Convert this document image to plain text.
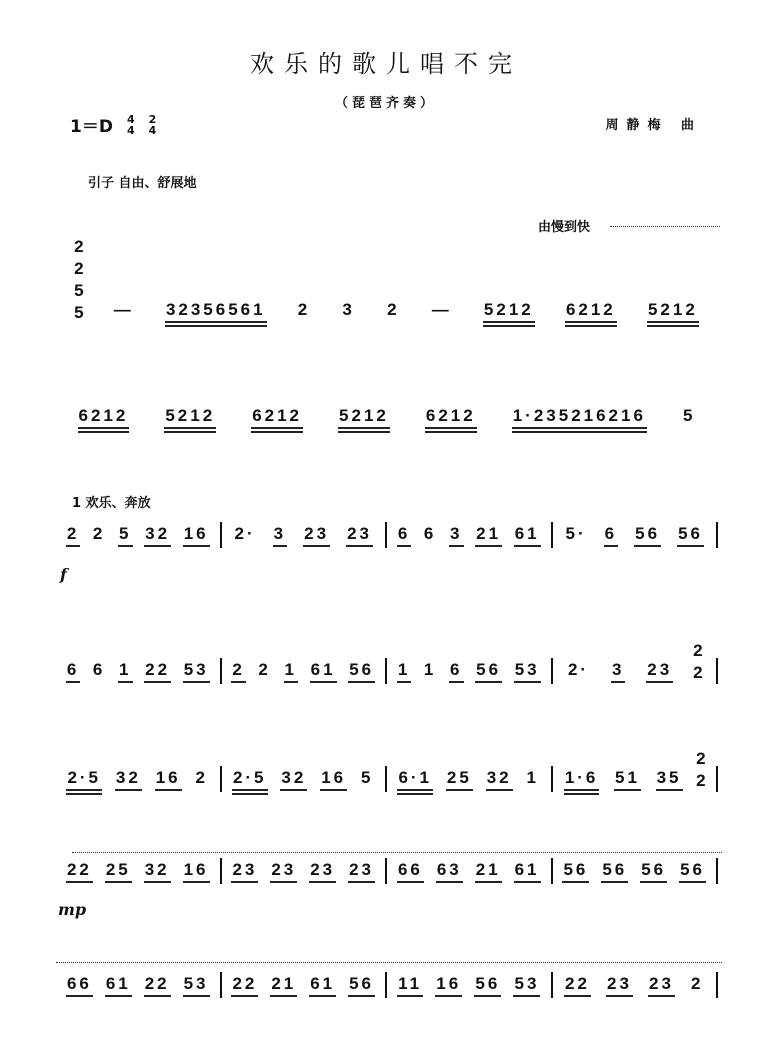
欢乐的歌儿唱不完
（琵琶齐奏）
1＝D 4
4
2
4	周静梅 曲
引子 自由、舒展地
由慢到快
1 欢乐、奔放
f
mp
2
2
5
5 — 32356561 2 3 2 — 5212 6212 5212
6212 5212 6212 5212 6212 1·235216216 5
2 2 5 32 16 2· 3 23 23 6 6 3 21 61 5· 6 56 56
6 6 1 22 53 2 2 1 61 56 1 1 6 56 53 2· 3 23
2
2
2·5 32 16 2 2·5 32 16 5 6·1 25 32 1 1·6 51 35
2
2
22 25 32 16 23 23 23 23 66 63 21 61 56 56 56 56
66 61 22 53 22 21 61 56 11 16 56 53 22 23 23 2
